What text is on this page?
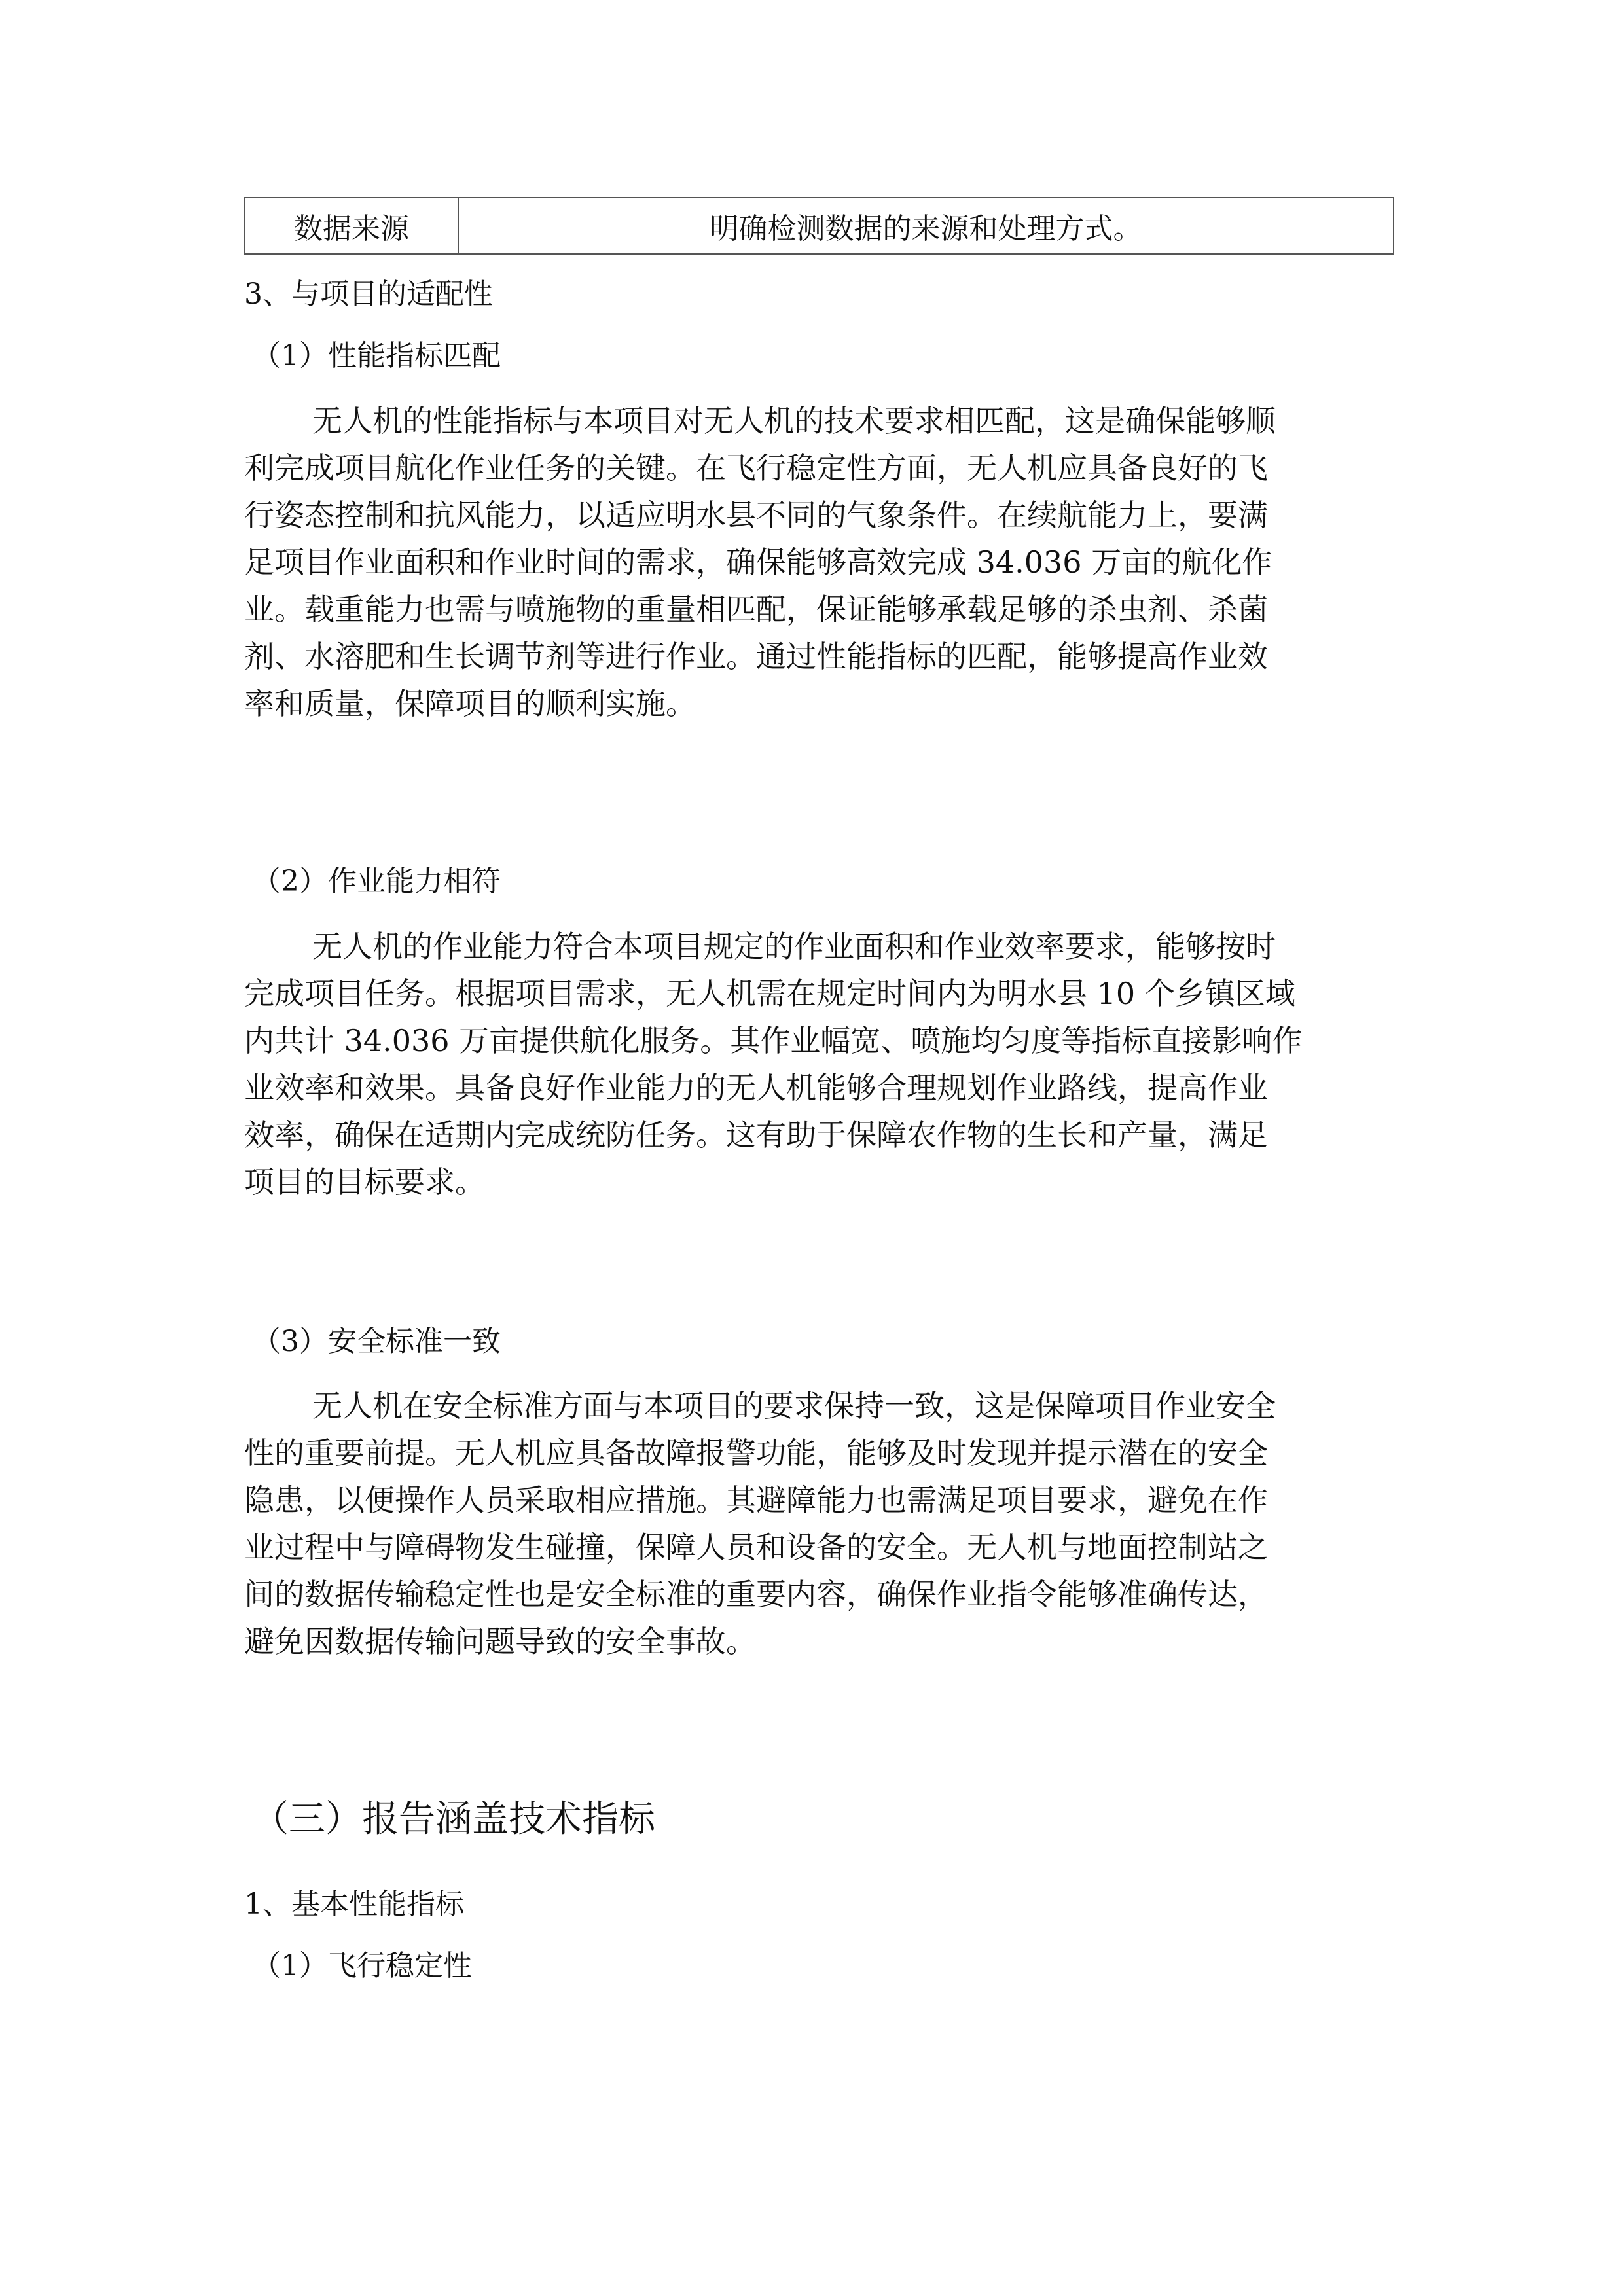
数据来源	明确检测数据的来源和处理方式。

3、与项目的适配性

（1）性能指标匹配

无人机的性能指标与本项目对无人机的技术要求相匹配，这是确保能够顺
利完成项目航化作业任务的关键。在飞行稳定性方面，无人机应具备良好的飞
行姿态控制和抗风能力，以适应明水县不同的气象条件。在续航能力上，要满
足项目作业面积和作业时间的需求，确保能够高效完成 34.036 万亩的航化作
业。载重能力也需与喷施物的重量相匹配，保证能够承载足够的杀虫剂、杀菌
剂、水溶肥和生长调节剂等进行作业。通过性能指标的匹配，能够提高作业效
率和质量，保障项目的顺利实施。

（2）作业能力相符

无人机的作业能力符合本项目规定的作业面积和作业效率要求，能够按时
完成项目任务。根据项目需求，无人机需在规定时间内为明水县 10 个乡镇区域
内共计 34.036 万亩提供航化服务。其作业幅宽、喷施均匀度等指标直接影响作
业效率和效果。具备良好作业能力的无人机能够合理规划作业路线，提高作业
效率，确保在适期内完成统防任务。这有助于保障农作物的生长和产量，满足
项目的目标要求。

（3）安全标准一致

无人机在安全标准方面与本项目的要求保持一致，这是保障项目作业安全
性的重要前提。无人机应具备故障报警功能，能够及时发现并提示潜在的安全
隐患，以便操作人员采取相应措施。其避障能力也需满足项目要求，避免在作
业过程中与障碍物发生碰撞，保障人员和设备的安全。无人机与地面控制站之
间的数据传输稳定性也是安全标准的重要内容，确保作业指令能够准确传达，
避免因数据传输问题导致的安全事故。

（三）报告涵盖技术指标

1、基本性能指标

（1）飞行稳定性
